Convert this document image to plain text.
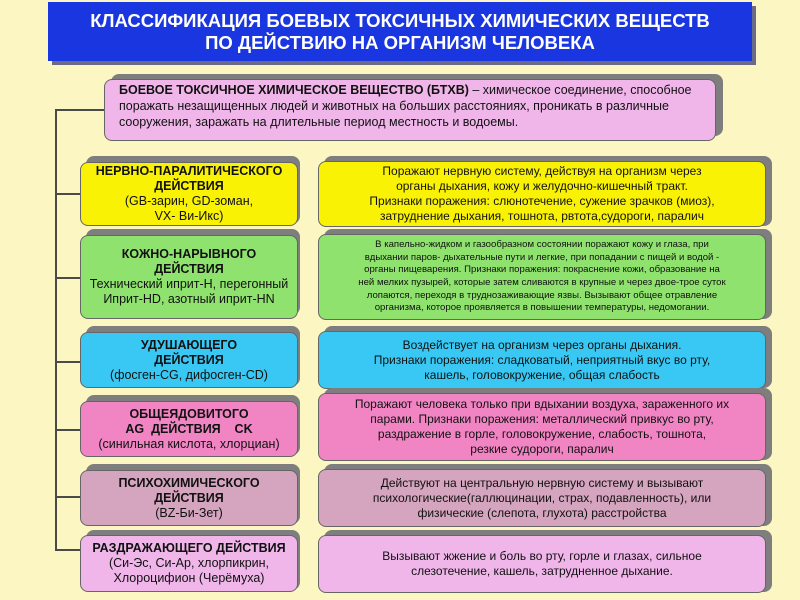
КЛАССИФИКАЦИЯ БОЕВЫХ ТОКСИЧНЫХ ХИМИЧЕСКИХ ВЕЩЕСТВ
ПО ДЕЙСТВИЮ НА ОРГАНИЗМ ЧЕЛОВЕКА
БОЕВОЕ ТОКСИЧНОЕ ХИМИЧЕСКОЕ ВЕЩЕСТВО (БТХВ) – химическое соединение, способное поражать незащищенных людей и животных на больших расстояниях, проникать в различные сооружения, заражать на длительные период местность и водоемы.
НЕРВНО-ПАРАЛИТИЧЕСКОГО
ДЕЙСТВИЯ
(GB-зарин, GD-зоман,
VX- Ви-Икс)
Поражают нервную систему, действуя на организм через
органы дыхания, кожу и желудочно-кишечный тракт.
Признаки поражения: слюнотечение, сужение зрачков (миоз),
затруднение дыхания, тошнота, рвтота,судороги, паралич
КОЖНО-НАРЫВНОГО
ДЕЙСТВИЯ
Технический иприт-H, перегонный
Иприт-HD, азотный иприт-HN
В капельно-жидком и газообразном состоянии поражают кожу и глаза, при
вдыхании паров- дыхательные пути и легкие, при попадании с пищей и водой -
органы пищеварения. Признаки поражения: покраснение кожи, образование на
ней мелких пузырей, которые затем сливаются в крупные и через двое-трое суток
лопаются, переходя в труднозаживающие язвы. Вызывают общее отравление
организма, которое проявляется в повышении температуры, недомогании.
УДУШАЮЩЕГО
ДЕЙСТВИЯ
(фосген-CG, дифосген-CD)
Воздействует на организм через органы дыхания.
Признаки поражения: сладковатый, неприятный вкус во рту,
кашель, головокружение, общая слабость
ОБЩЕЯДОВИТОГО
AG  ДЕЙСТВИЯ    CK
(синильная кислота, хлорциан)
Поражают человека только при вдыхании воздуха, зараженного их
парами. Признаки поражения: металлический привкус во рту,
раздражение в горле, головокружение, слабость, тошнота,
резкие судороги, паралич
ПСИХОХИМИЧЕСКОГО
ДЕЙСТВИЯ
(BZ-Би-Зет)
Действуют на центральную нервную систему и вызывают
психологические(галлюцинации, страх, подавленность), или
физические (слепота, глухота) расстройства
РАЗДРАЖАЮЩЕГО ДЕЙСТВИЯ
(Си-Эс, Си-Ар, хлорпикрин,
Хлороцифион (Черёмуха)
Вызывают жжение и боль во рту, горле и глазах, сильное
слезотечение, кашель, затрудненное дыхание.
